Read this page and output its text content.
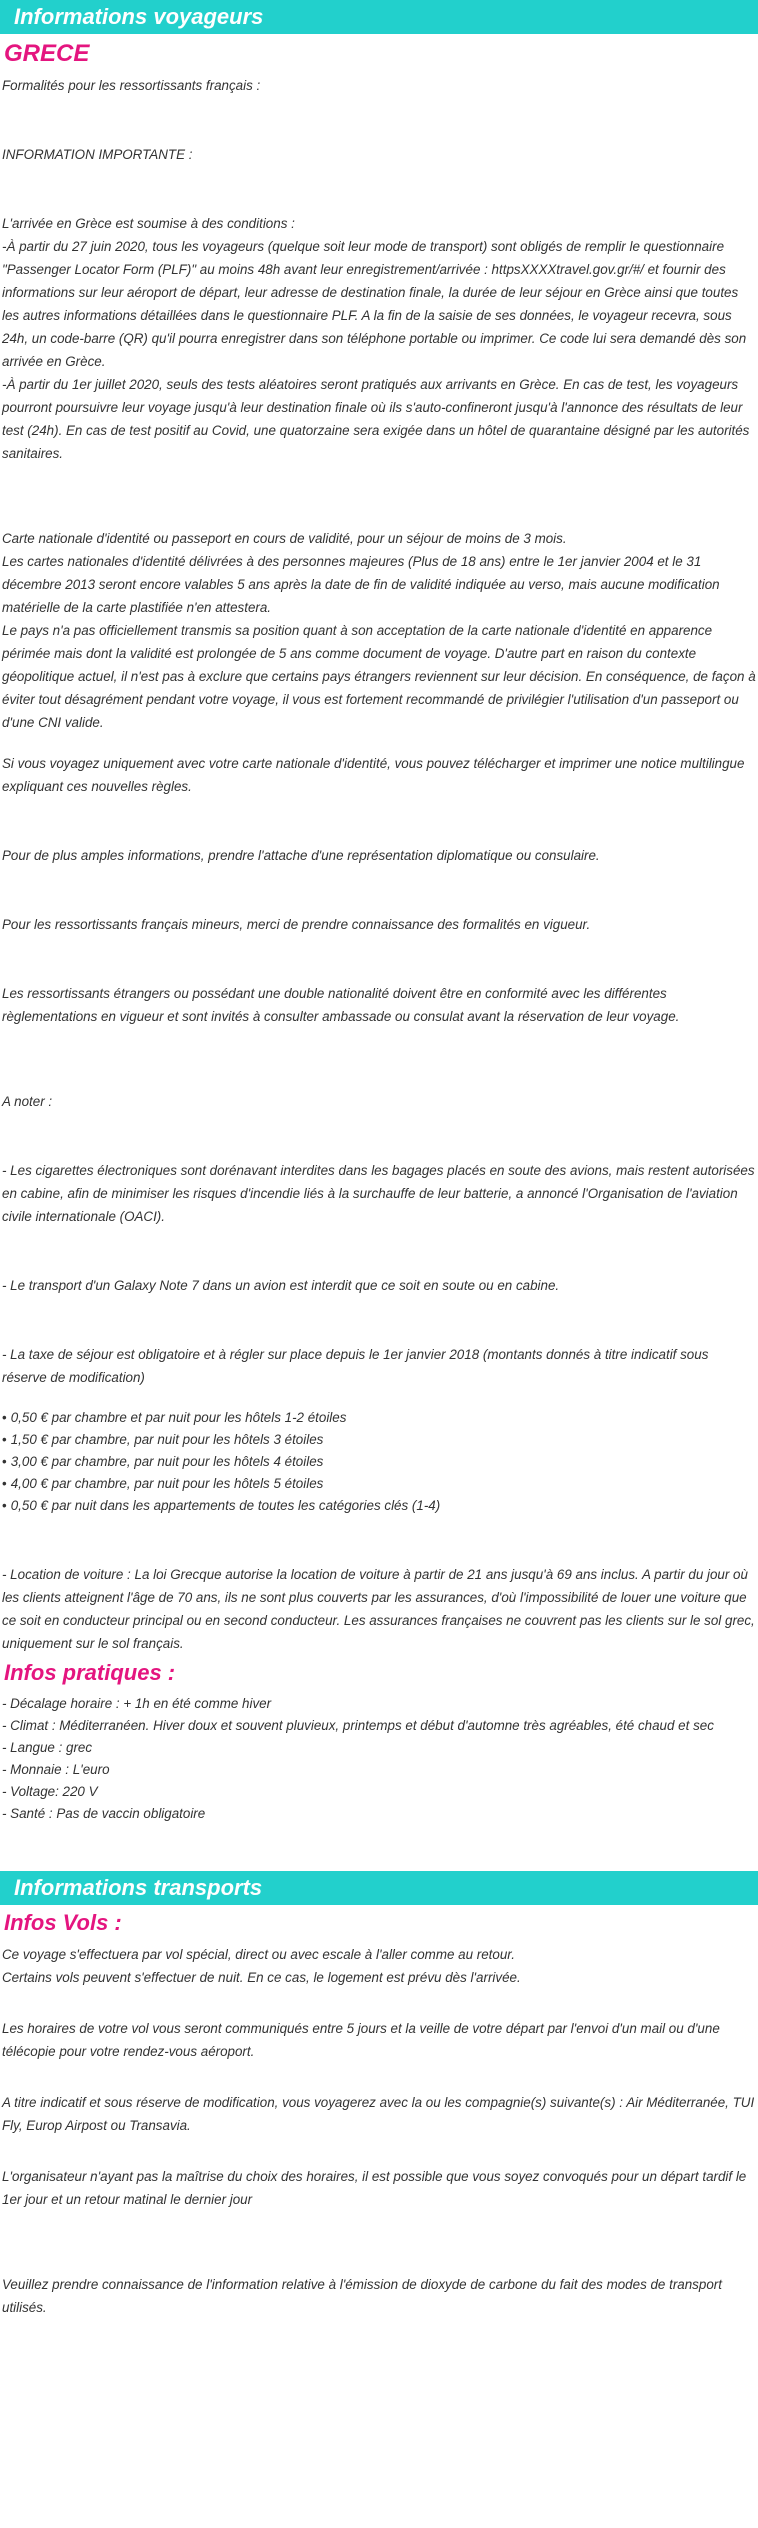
Informations voyageurs
GRECE

Formalités pour les ressortissants français :

INFORMATION IMPORTANTE :

L'arrivée en Grèce est soumise à des conditions :

-À partir du 27 juin 2020, tous les voyageurs (quelque soit leur mode de transport) sont obligés de remplir le questionnaire "Passenger Locator Form (PLF)" au moins 48h avant leur enregistrement/arrivée : httpsXXXXtravel.gov.gr/#/ et fournir des informations sur leur aéroport de départ, leur adresse de destination finale, la durée de leur séjour en Grèce ainsi que toutes les autres informations détaillées dans le questionnaire PLF. A la fin de la saisie de ses données, le voyageur recevra, sous 24h, un code-barre (QR) qu'il pourra enregistrer dans son téléphone portable ou imprimer. Ce code lui sera demandé dès son arrivée en Grèce.

-À partir du 1er juillet 2020, seuls des tests aléatoires seront pratiqués aux arrivants en Grèce. En cas de test, les voyageurs pourront poursuivre leur voyage jusqu'à leur destination finale où ils s'auto-confineront jusqu'à l'annonce des résultats de leur test (24h). En cas de test positif au Covid, une quatorzaine sera exigée dans un hôtel de quarantaine désigné par les autorités sanitaires.

Carte nationale d'identité ou passeport en cours de validité, pour un séjour de moins de 3 mois.

Les cartes nationales d'identité délivrées à des personnes majeures (Plus de 18 ans) entre le 1er janvier 2004 et le 31 décembre 2013 seront encore valables 5 ans après la date de fin de validité indiquée au verso, mais aucune modification matérielle de la carte plastifiée n'en attestera.

Le pays n'a pas officiellement transmis sa position quant à son acceptation de la carte nationale d'identité en apparence périmée mais dont la validité est prolongée de 5 ans comme document de voyage. D'autre part en raison du contexte géopolitique actuel, il n'est pas à exclure que certains pays étrangers reviennent sur leur décision. En conséquence, de façon à éviter tout désagrément pendant votre voyage, il vous est fortement recommandé de privilégier l'utilisation d'un passeport ou d'une CNI valide.

Si vous voyagez uniquement avec votre carte nationale d'identité, vous pouvez télécharger et imprimer une notice multilingue expliquant ces nouvelles règles.

Pour de plus amples informations, prendre l'attache d'une représentation diplomatique ou consulaire.

Pour les ressortissants français mineurs, merci de prendre connaissance des formalités en vigueur.

Les ressortissants étrangers ou possédant une double nationalité doivent être en conformité avec les différentes règlementations en vigueur et sont invités à consulter ambassade ou consulat avant la réservation de leur voyage.

A noter :

- Les cigarettes électroniques sont dorénavant interdites dans les bagages placés en soute des avions, mais restent autorisées en cabine, afin de minimiser les risques d'incendie liés à la surchauffe de leur batterie, a annoncé l'Organisation de l'aviation civile internationale (OACI).

- Le transport d'un Galaxy Note 7 dans un avion est interdit que ce soit en soute ou en cabine.

- La taxe de séjour est obligatoire et à régler sur place depuis le 1er janvier 2018 (montants donnés à titre indicatif sous réserve de modification)

• 0,50 € par chambre et par nuit pour les hôtels 1-2 étoiles
• 1,50 € par chambre, par nuit pour les hôtels 3 étoiles
• 3,00 € par chambre, par nuit pour les hôtels 4 étoiles
• 4,00 € par chambre, par nuit pour les hôtels 5 étoiles
• 0,50 € par nuit dans les appartements de toutes les catégories clés (1-4)

- Location de voiture : La loi Grecque autorise la location de voiture à partir de 21 ans jusqu'à 69 ans inclus. A partir du jour où les clients atteignent l'âge de 70 ans, ils ne sont plus couverts par les assurances, d'où l'impossibilité de louer une voiture que ce soit en conducteur principal ou en second conducteur. Les assurances françaises ne couvrent pas les clients sur le sol grec, uniquement sur le sol français.

Infos pratiques :
- Décalage horaire : + 1h en été comme hiver
- Climat : Méditerranéen. Hiver doux et souvent pluvieux, printemps et début d'automne très agréables, été chaud et sec
- Langue : grec
- Monnaie : L'euro
- Voltage: 220 V
- Santé : Pas de vaccin obligatoire
Informations transports
Infos Vols :

Ce voyage s'effectuera par vol spécial, direct ou avec escale à l'aller comme au retour.

Certains vols peuvent s'effectuer de nuit. En ce cas, le logement est prévu dès l'arrivée.

Les horaires de votre vol vous seront communiqués entre 5 jours et la veille de votre départ par l'envoi d'un mail ou d'une télécopie pour votre rendez-vous aéroport.

A titre indicatif et sous réserve de modification, vous voyagerez avec la ou les compagnie(s) suivante(s) : Air Méditerranée, TUI Fly, Europ Airpost ou Transavia.

L'organisateur n'ayant pas la maîtrise du choix des horaires, il est possible que vous soyez convoqués pour un départ tardif le 1er jour et un retour matinal le dernier jour

Veuillez prendre connaissance de l'information relative à l'émission de dioxyde de carbone du fait des modes de transport utilisés.
